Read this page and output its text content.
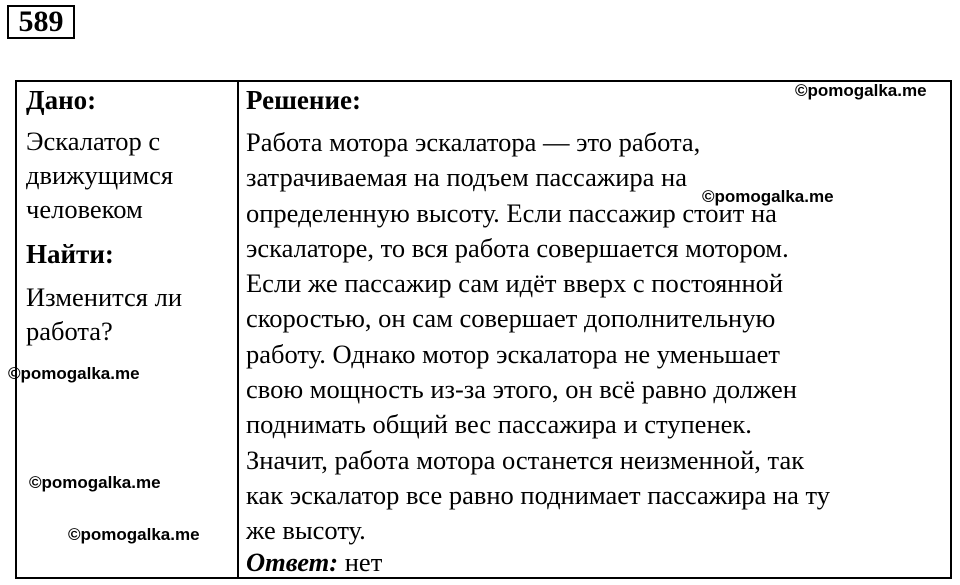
589
Дано:
Эскалатор с
движущимся
человеком
Найти:
Изменится ли
работа?
Решение:
Работа мотора эскалатора — это работа,
затрачиваемая на подъем пассажира на
определенную высоту. Если пассажир стоит на
эскалаторе, то вся работа совершается мотором.
Если же пассажир сам идёт вверх с постоянной
скоростью, он сам совершает дополнительную
работу. Однако мотор эскалатора не уменьшает
свою мощность из-за этого, он всё равно должен
поднимать общий вес пассажира и ступенек.
Значит, работа мотора останется неизменной, так
как эскалатор все равно поднимает пассажира на ту
же высоту.
Ответ: нет
©pomogalka.me
©pomogalka.me
©pomogalka.me
©pomogalka.me
©pomogalka.me
